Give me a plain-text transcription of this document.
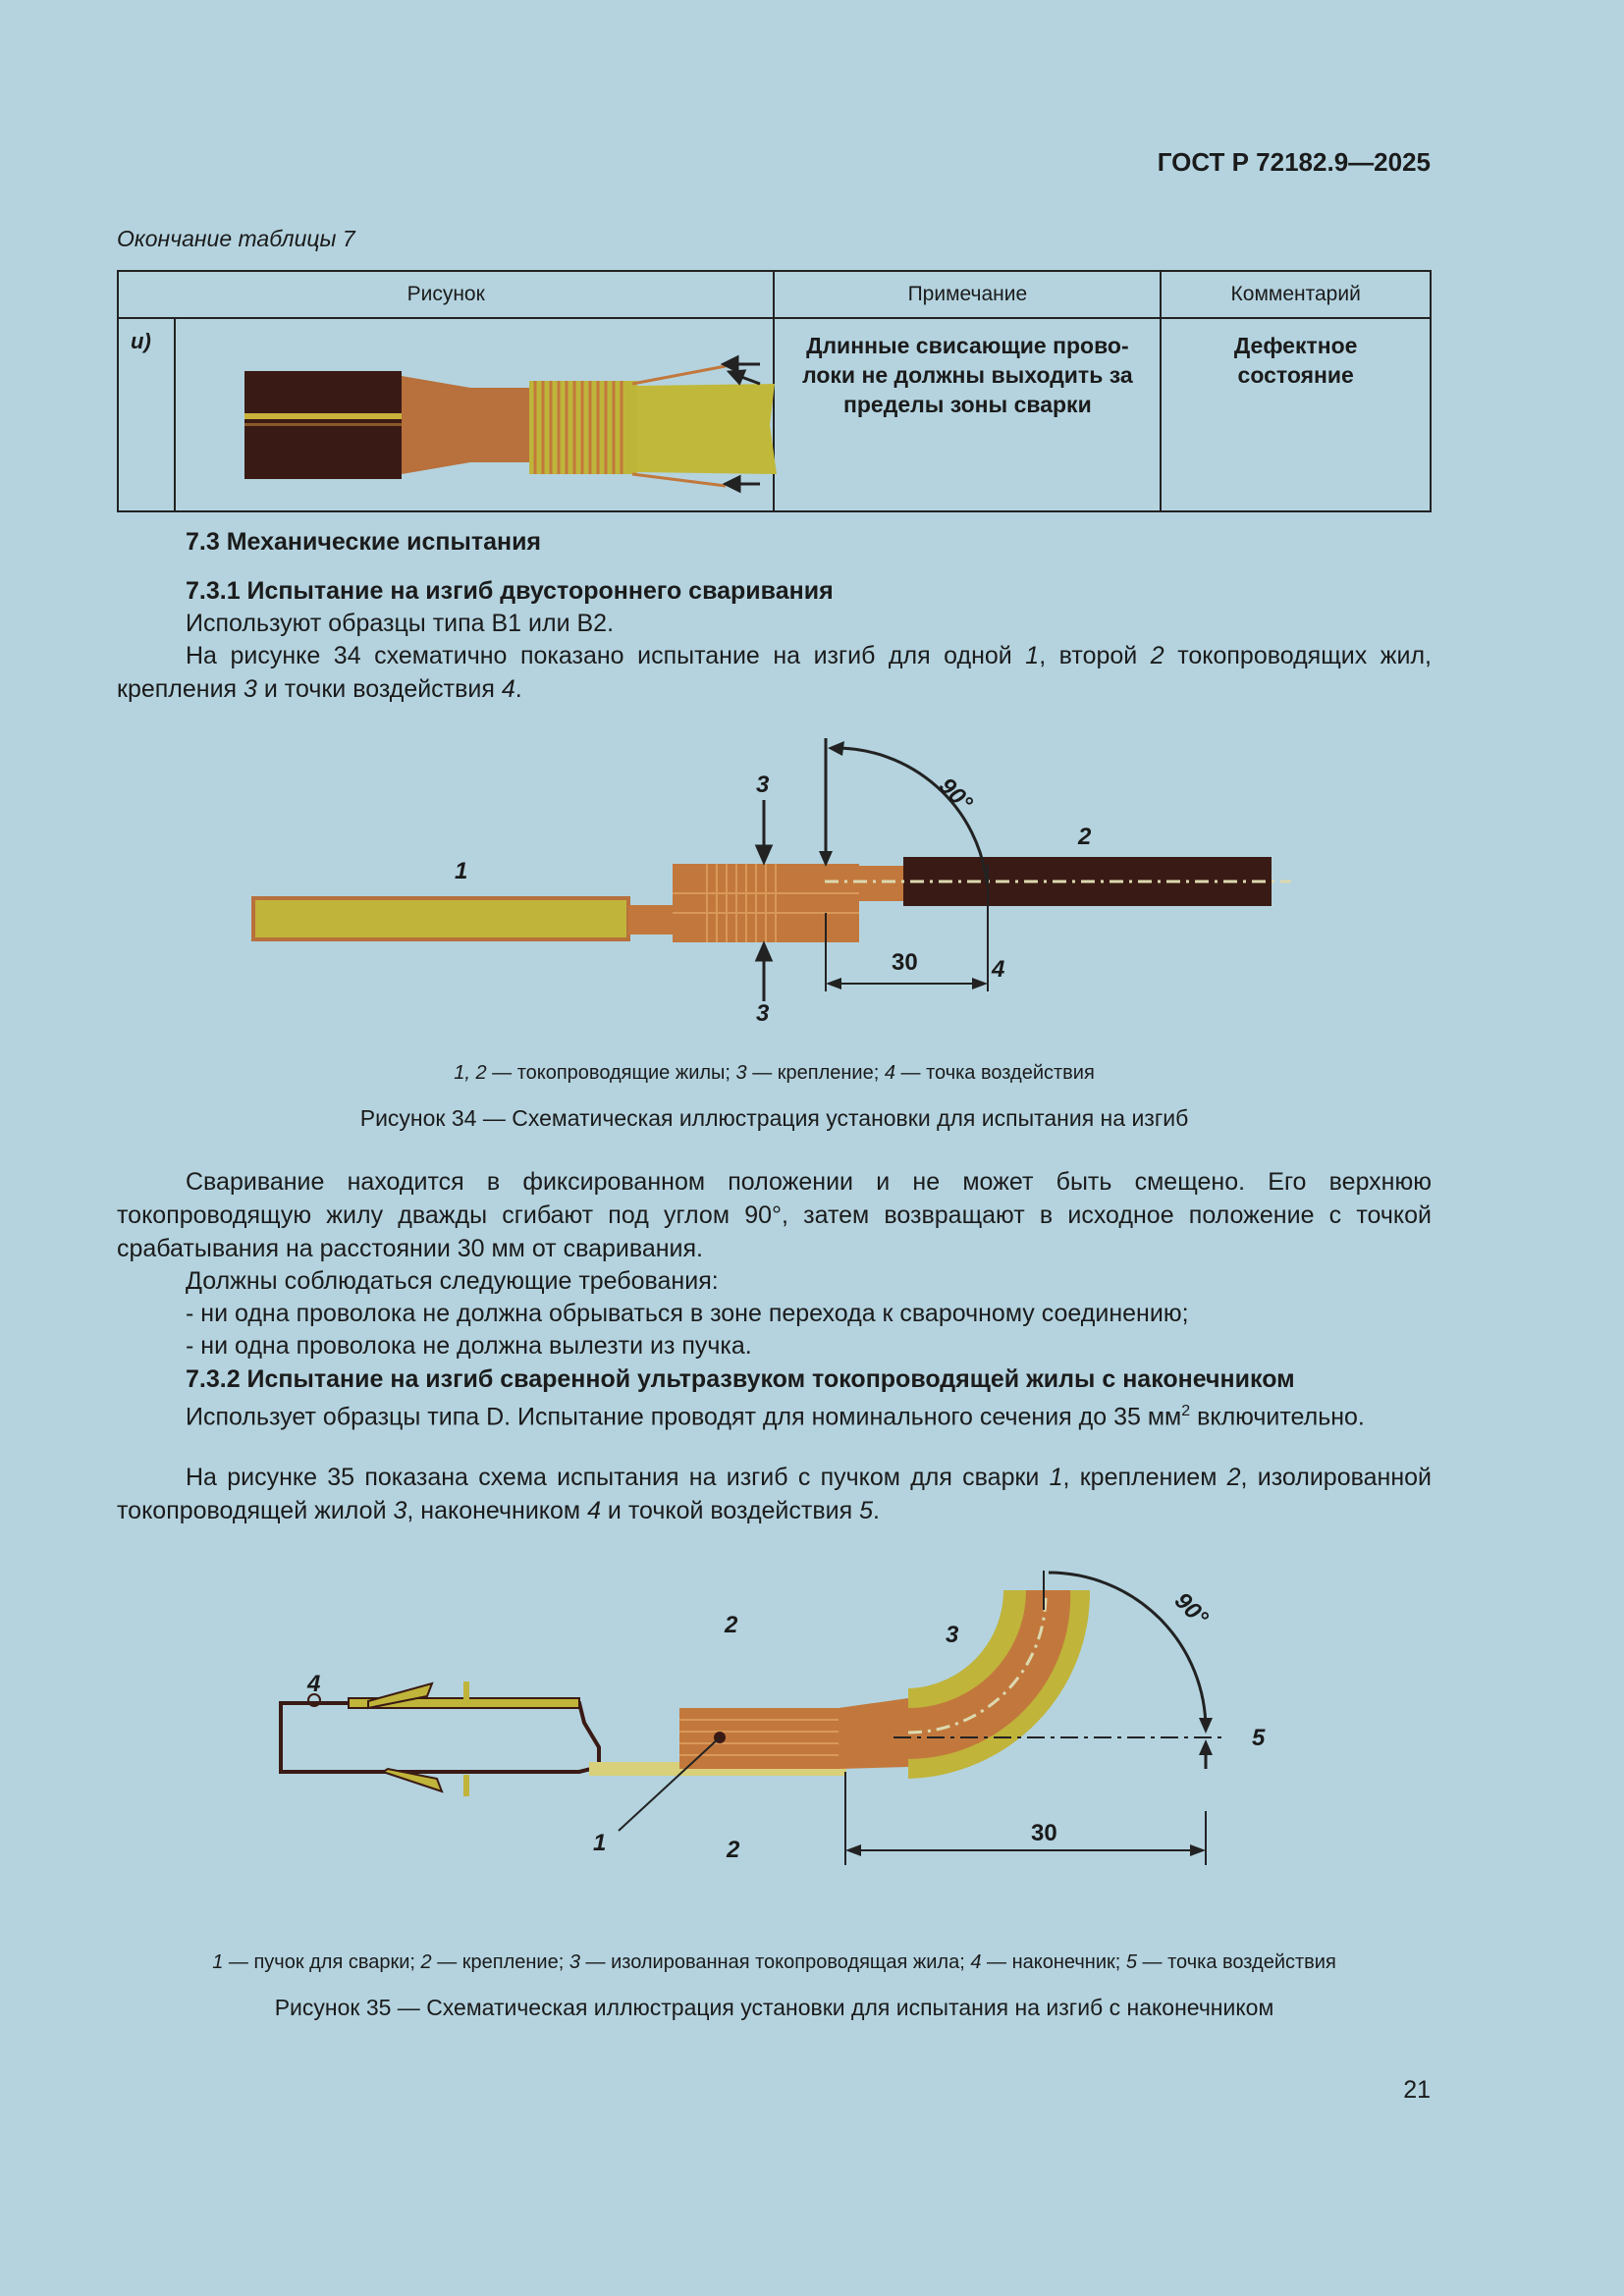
ГОСТ Р 72182.9—2025
Окончание таблицы 7
Рисунок		Примечание	Комментарий
и)		Длинные свисающие прово-локи не должны выходить за пределы зоны сварки	Дефектное состояние
7.3 Механические испытания
7.3.1 Испытание на изгиб двустороннего сваривания
Используют образцы типа В1 или В2.
На рисунке 34 схематично показано испытание на изгиб для одной 1, второй 2 токопроводящих жил, крепления 3 и точки воздействия 4.
1
2
3
3
4
90°
30
1, 2 — токопроводящие жилы; 3 — крепление; 4 — точка воздействия
Рисунок 34 — Схематическая иллюстрация установки для испытания на изгиб
Сваривание находится в фиксированном положении и не может быть смещено. Его верхнюю токопроводящую жилу дважды сгибают под углом 90°, затем возвращают в исходное положение с точкой срабатывания на расстоянии 30 мм от сваривания.
Должны соблюдаться следующие требования:
- ни одна проволока не должна обрываться в зоне перехода к сварочному соединению;
- ни одна проволока не должна вылезти из пучка.
7.3.2 Испытание на изгиб сваренной ультразвуком токопроводящей жилы с наконечником
Использует образцы типа D. Испытание проводят для номинального сечения до 35 $мм^2$ включительно.
На рисунке 35 показана схема испытания на изгиб с пучком для сварки 1, креплением 2, изолированной токопроводящей жилой 3, наконечником 4 и точкой воздействия 5.
1
2
2
3
4
5
90°
30
1 — пучок для сварки; 2 — крепление; 3 — изолированная токопроводящая жила; 4 — наконечник; 5 — точка воздействия
Рисунок 35 — Схематическая иллюстрация установки для испытания на изгиб с наконечником
21
